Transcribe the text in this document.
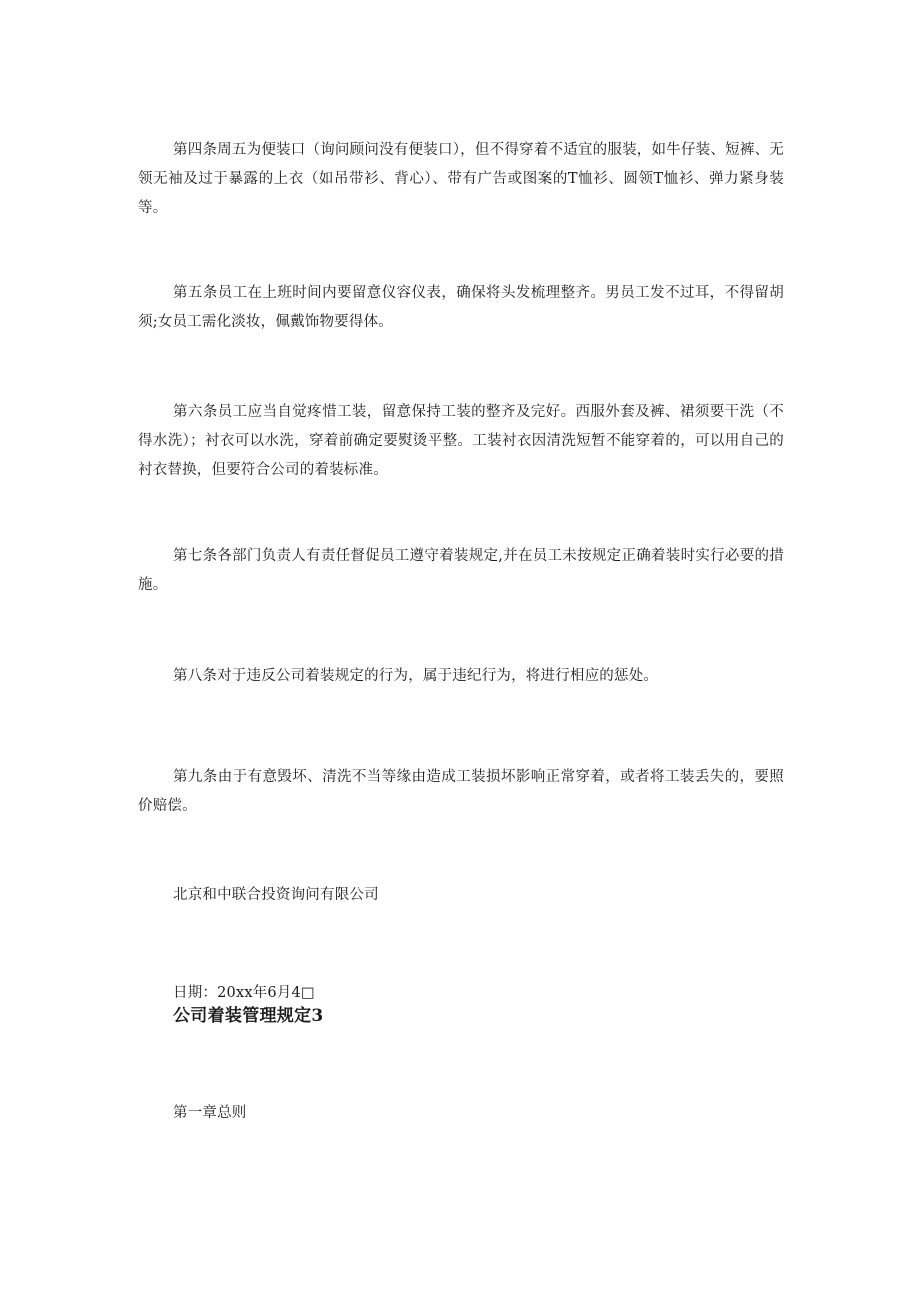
第四条周五为便装口（询问顾问没有便装口），但不得穿着不适宜的服装，如牛仔装、短裤、无领无袖及过于暴露的上衣（如吊带衫、背心）、带有广告或图案的T恤衫、圆领T恤衫、弹力紧身装等。

第五条员工在上班时间内要留意仪容仪表，确保将头发梳理整齐。男员工发不过耳，不得留胡须;女员工需化淡妆，佩戴饰物要得体。

第六条员工应当自觉疼惜工装，留意保持工装的整齐及完好。西服外套及裤、裙须要干洗（不得水洗）；衬衣可以水洗，穿着前确定要熨烫平整。工装衬衣因清洗短暂不能穿着的，可以用自己的衬衣替换，但要符合公司的着装标准。

第七条各部门负责人有责任督促员工遵守着装规定,并在员工未按规定正确着装时实行必要的措施。

第八条对于违反公司着装规定的行为，属于违纪行为，将进行相应的惩处。

第九条由于有意毁坏、清洗不当等缘由造成工装损坏影响正常穿着，或者将工装丢失的，要照价赔偿。

北京和中联合投资询问有限公司

日期：20xx年6月4□

公司着装管理规定3

第一章总则
